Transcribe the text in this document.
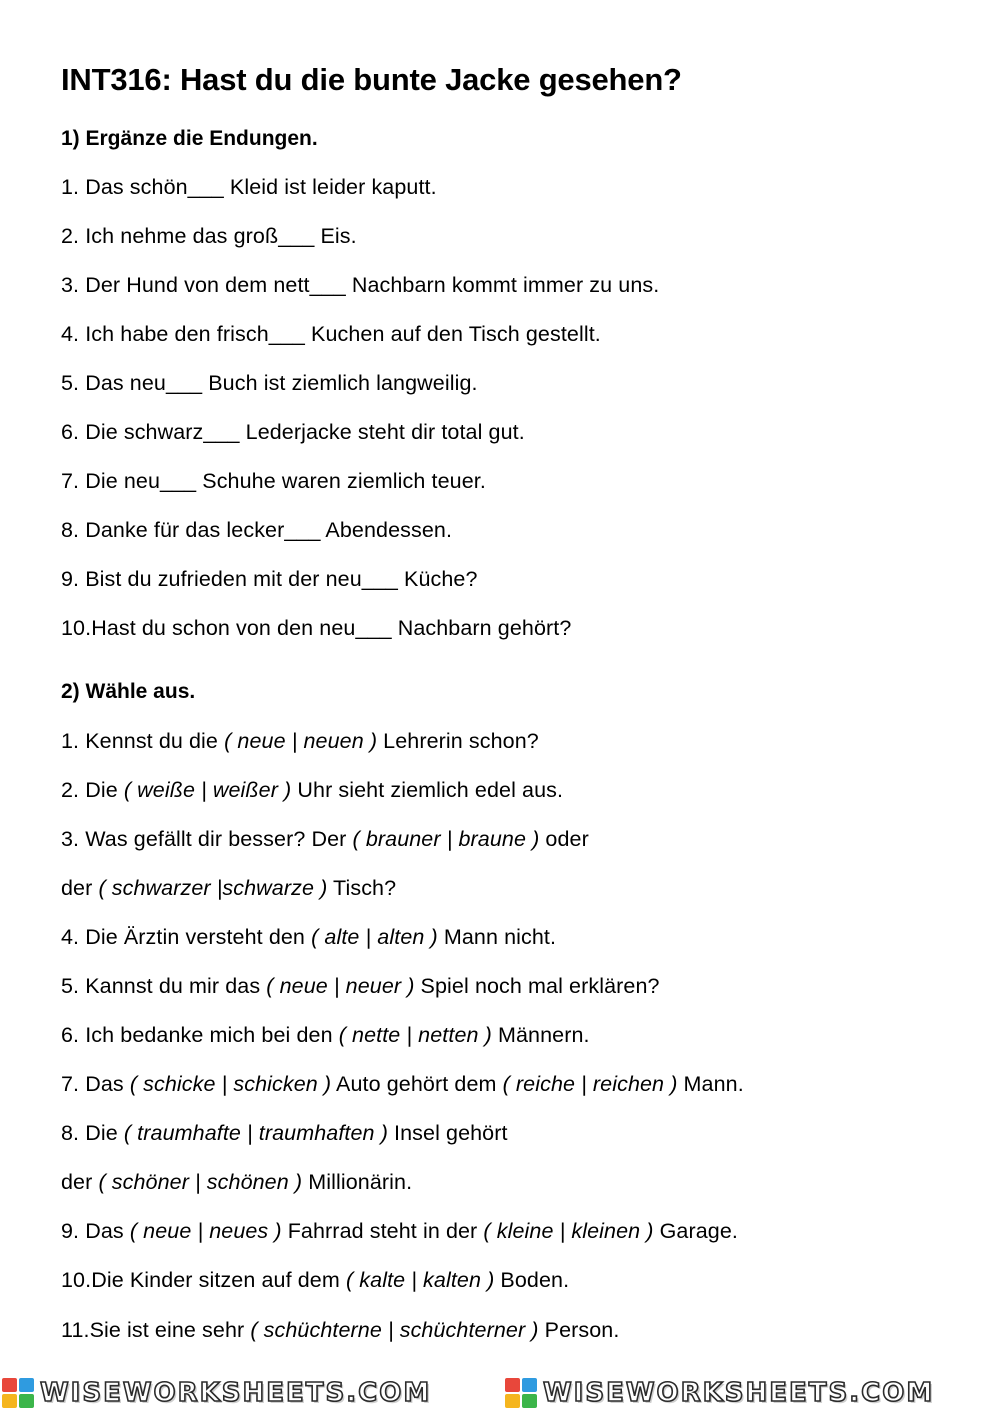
INT316: Hast du die bunte Jacke gesehen?
1) Ergänze die Endungen.
1. Das schön___ Kleid ist leider kaputt.
2. Ich nehme das groß___ Eis.
3. Der Hund von dem nett___ Nachbarn kommt immer zu uns.
4. Ich habe den frisch___ Kuchen auf den Tisch gestellt.
5. Das neu___ Buch ist ziemlich langweilig.
6. Die schwarz___ Lederjacke steht dir total gut.
7. Die neu___ Schuhe waren ziemlich teuer.
8. Danke für das lecker___ Abendessen.
9. Bist du zufrieden mit der neu___ Küche?
10.Hast du schon von den neu___ Nachbarn gehört?
2) Wähle aus.
1. Kennst du die ( neue | neuen ) Lehrerin schon?
2. Die ( weiße | weißer ) Uhr sieht ziemlich edel aus.
3. Was gefällt dir besser? Der ( brauner | braune ) oder
der ( schwarzer |schwarze ) Tisch?
4. Die Ärztin versteht den ( alte | alten ) Mann nicht.
5. Kannst du mir das ( neue | neuer ) Spiel noch mal erklären?
6. Ich bedanke mich bei den ( nette | netten ) Männern.
7. Das ( schicke | schicken ) Auto gehört dem ( reiche | reichen ) Mann.
8. Die ( traumhafte | traumhaften ) Insel gehört
der ( schöner | schönen ) Millionärin.
9. Das ( neue | neues ) Fahrrad steht in der ( kleine | kleinen ) Garage.
10.Die Kinder sitzen auf dem ( kalte | kalten ) Boden.
11.Sie ist eine sehr ( schüchterne | schüchterner ) Person.
WISEWORKSHEETS.COM	WISEWORKSHEETS.COM
